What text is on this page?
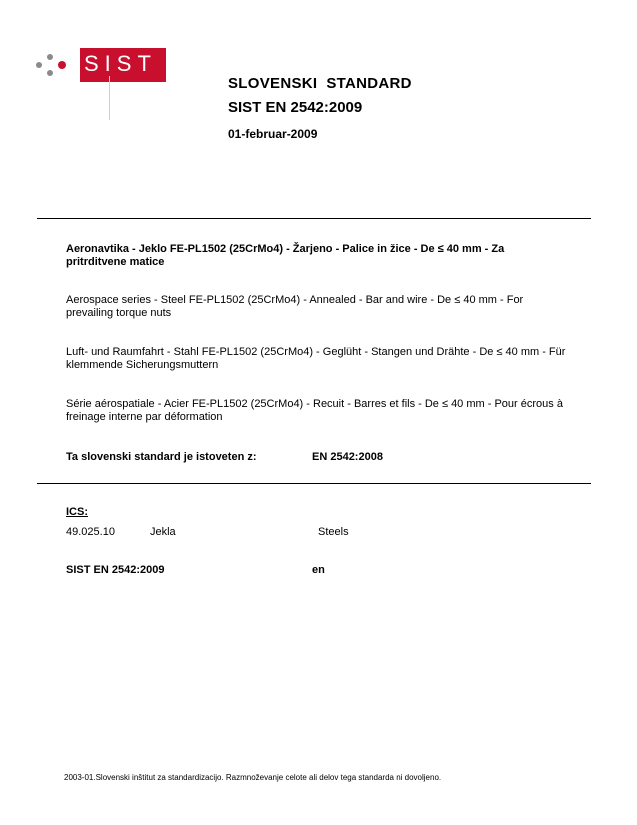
SIST
SLOVENSKI  STANDARD
SIST EN 2542:2009
01-februar-2009
Aeronavtika - Jeklo FE-PL1502 (25CrMo4) - Žarjeno - Palice in žice - De ≤ 40 mm - Za pritrditvene matice
Aerospace series - Steel FE-PL1502 (25CrMo4) - Annealed - Bar and wire - De ≤ 40 mm - For prevailing torque nuts
Luft- und Raumfahrt - Stahl FE-PL1502 (25CrMo4) - Geglüht - Stangen und Drähte - De ≤ 40 mm - Für klemmende Sicherungsmuttern
Série aérospatiale - Acier FE-PL1502 (25CrMo4) - Recuit - Barres et fils - De ≤ 40 mm - Pour écrous à freinage interne par déformation
Ta slovenski standard je istoveten z:	EN 2542:2008
ICS:
49.025.10	Jekla	Steels
SIST EN 2542:2009	en
2003-01.Slovenski inštitut za standardizacijo. Razmnoževanje celote ali delov tega standarda ni dovoljeno.
